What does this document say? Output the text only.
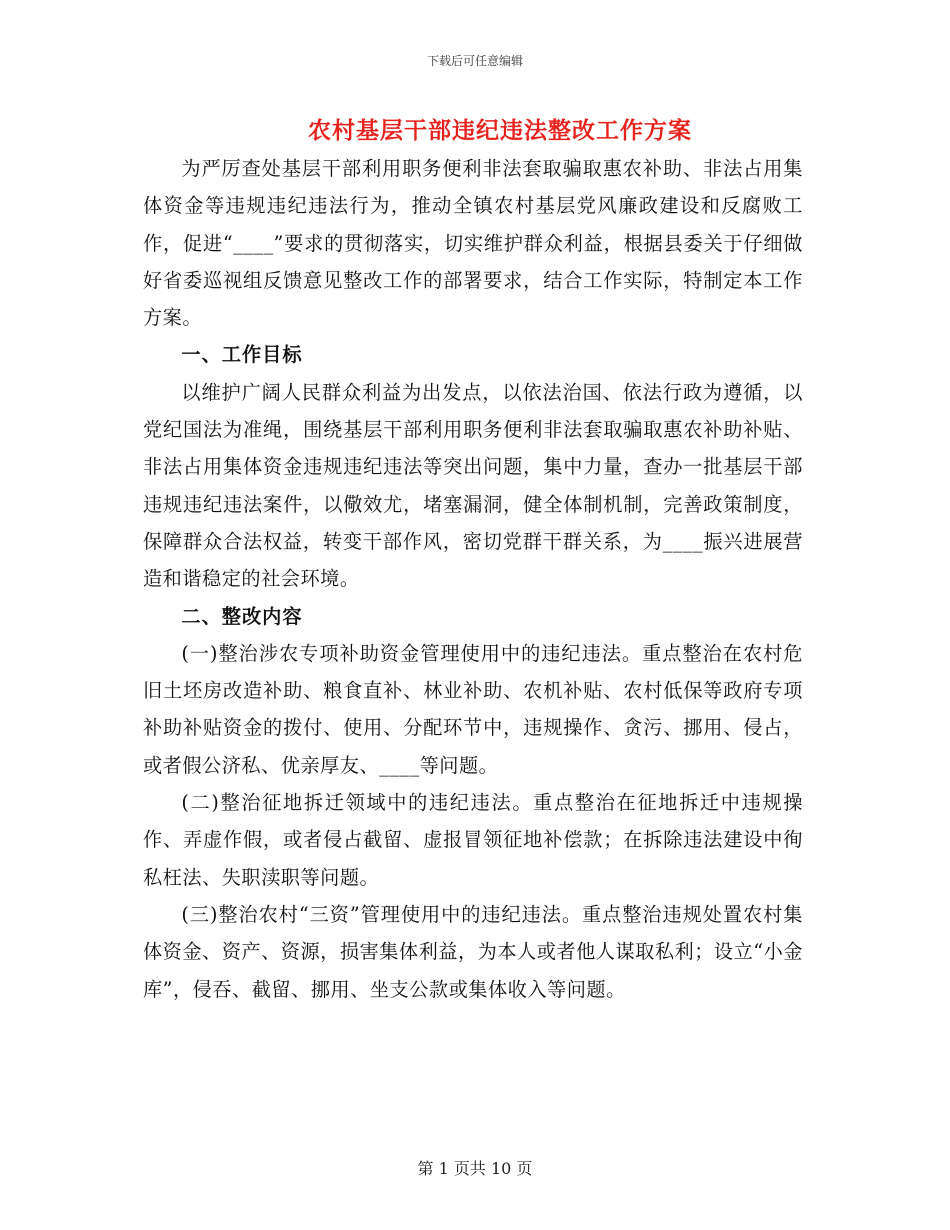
下载后可任意编辑
农村基层干部违纪违法整改工作方案

为严厉查处基层干部利用职务便利非法套取骗取惠农补助、非法占用集体资金等违规违纪违法行为，推动全镇农村基层党风廉政建设和反腐败工作，促进“____”要求的贯彻落实，切实维护群众利益，根据县委关于仔细做好省委巡视组反馈意见整改工作的部署要求，结合工作实际，特制定本工作方案。

一、工作目标

以维护广阔人民群众利益为出发点，以依法治国、依法行政为遵循，以党纪国法为准绳，围绕基层干部利用职务便利非法套取骗取惠农补助补贴、非法占用集体资金违规违纪违法等突出问题，集中力量，查办一批基层干部违规违纪违法案件，以儆效尤，堵塞漏洞，健全体制机制，完善政策制度，保障群众合法权益，转变干部作风，密切党群干群关系，为____振兴进展营造和谐稳定的社会环境。

二、整改内容

(一)整治涉农专项补助资金管理使用中的违纪违法。重点整治在农村危旧土坯房改造补助、粮食直补、林业补助、农机补贴、农村低保等政府专项补助补贴资金的拨付、使用、分配环节中，违规操作、贪污、挪用、侵占，或者假公济私、优亲厚友、____等问题。

(二)整治征地拆迁领域中的违纪违法。重点整治在征地拆迁中违规操作、弄虚作假，或者侵占截留、虚报冒领征地补偿款；在拆除违法建设中徇私枉法、失职渎职等问题。

(三)整治农村“三资”管理使用中的违纪违法。重点整治违规处置农村集体资金、资产、资源，损害集体利益，为本人或者他人谋取私利；设立“小金库”，侵吞、截留、挪用、坐支公款或集体收入等问题。

第 1 页共 10 页
